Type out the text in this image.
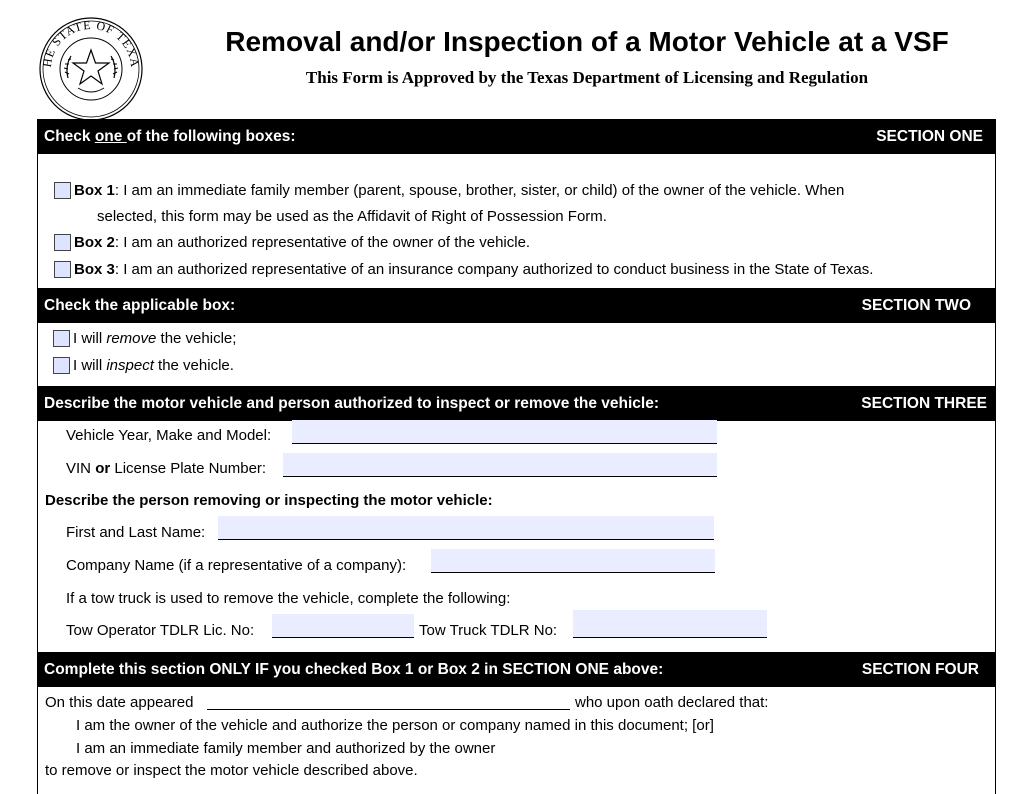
HE STATE OF TEXA
Removal and/or Inspection of a Motor Vehicle at a VSF
This Form is Approved by the Texas Department of Licensing and Regulation
Check one of the following boxes:	SECTION ONE
Box 1: I am an immediate family member (parent, spouse, brother, sister, or child) of the owner of the vehicle. When
selected, this form may be used as the Affidavit of Right of Possession Form.
Box 2: I am an authorized representative of the owner of the vehicle.
Box 3: I am an authorized representative of an insurance company authorized to conduct business in the State of Texas.
Check the applicable box:	SECTION TWO
I will remove the vehicle;
I will inspect the vehicle.
Describe the motor vehicle and person authorized to inspect or remove the vehicle:	SECTION THREE
Vehicle Year, Make and Model:
VIN or License Plate Number:
Describe the person removing or inspecting the motor vehicle:
First and Last Name:
Company Name (if a representative of a company):
If a tow truck is used to remove the vehicle, complete the following:
Tow Operator TDLR Lic. No:	Tow Truck TDLR No:
Complete this section ONLY IF you checked Box 1 or Box 2 in SECTION ONE above:	SECTION FOUR
On this date appeared	who upon oath declared that:
I am the owner of the vehicle and authorize the person or company named in this document; [or]
I am an immediate family member and authorized by the owner
to remove or inspect the motor vehicle described above.
